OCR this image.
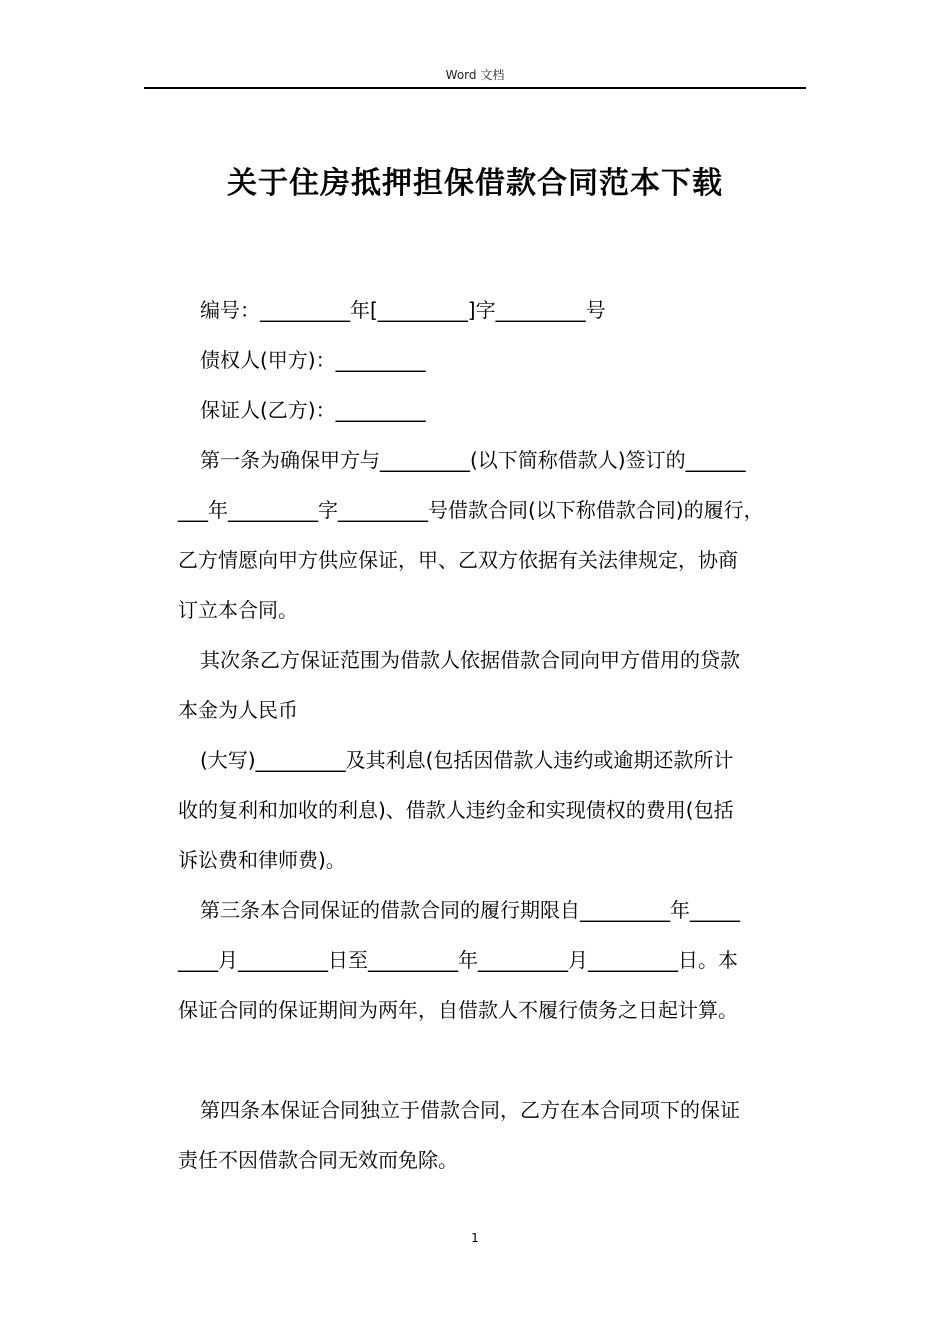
Word 文档
关于住房抵押担保借款合同范本下载
编号：_________年[_________]字_________号
债权人(甲方)：_________
保证人(乙方)：_________
第一条为确保甲方与_________(以下简称借款人)签订的______
___年_________字_________号借款合同(以下称借款合同)的履行，
乙方情愿向甲方供应保证，甲、乙双方依据有关法律规定，协商
订立本合同。
其次条乙方保证范围为借款人依据借款合同向甲方借用的贷款
本金为人民币
(大写)_________及其利息(包括因借款人违约或逾期还款所计
收的复利和加收的利息)、借款人违约金和实现债权的费用(包括
诉讼费和律师费)。
第三条本合同保证的借款合同的履行期限自_________年_____
____月_________日至_________年_________月_________日。本
保证合同的保证期间为两年，自借款人不履行债务之日起计算。
第四条本保证合同独立于借款合同，乙方在本合同项下的保证
责任不因借款合同无效而免除。
1
